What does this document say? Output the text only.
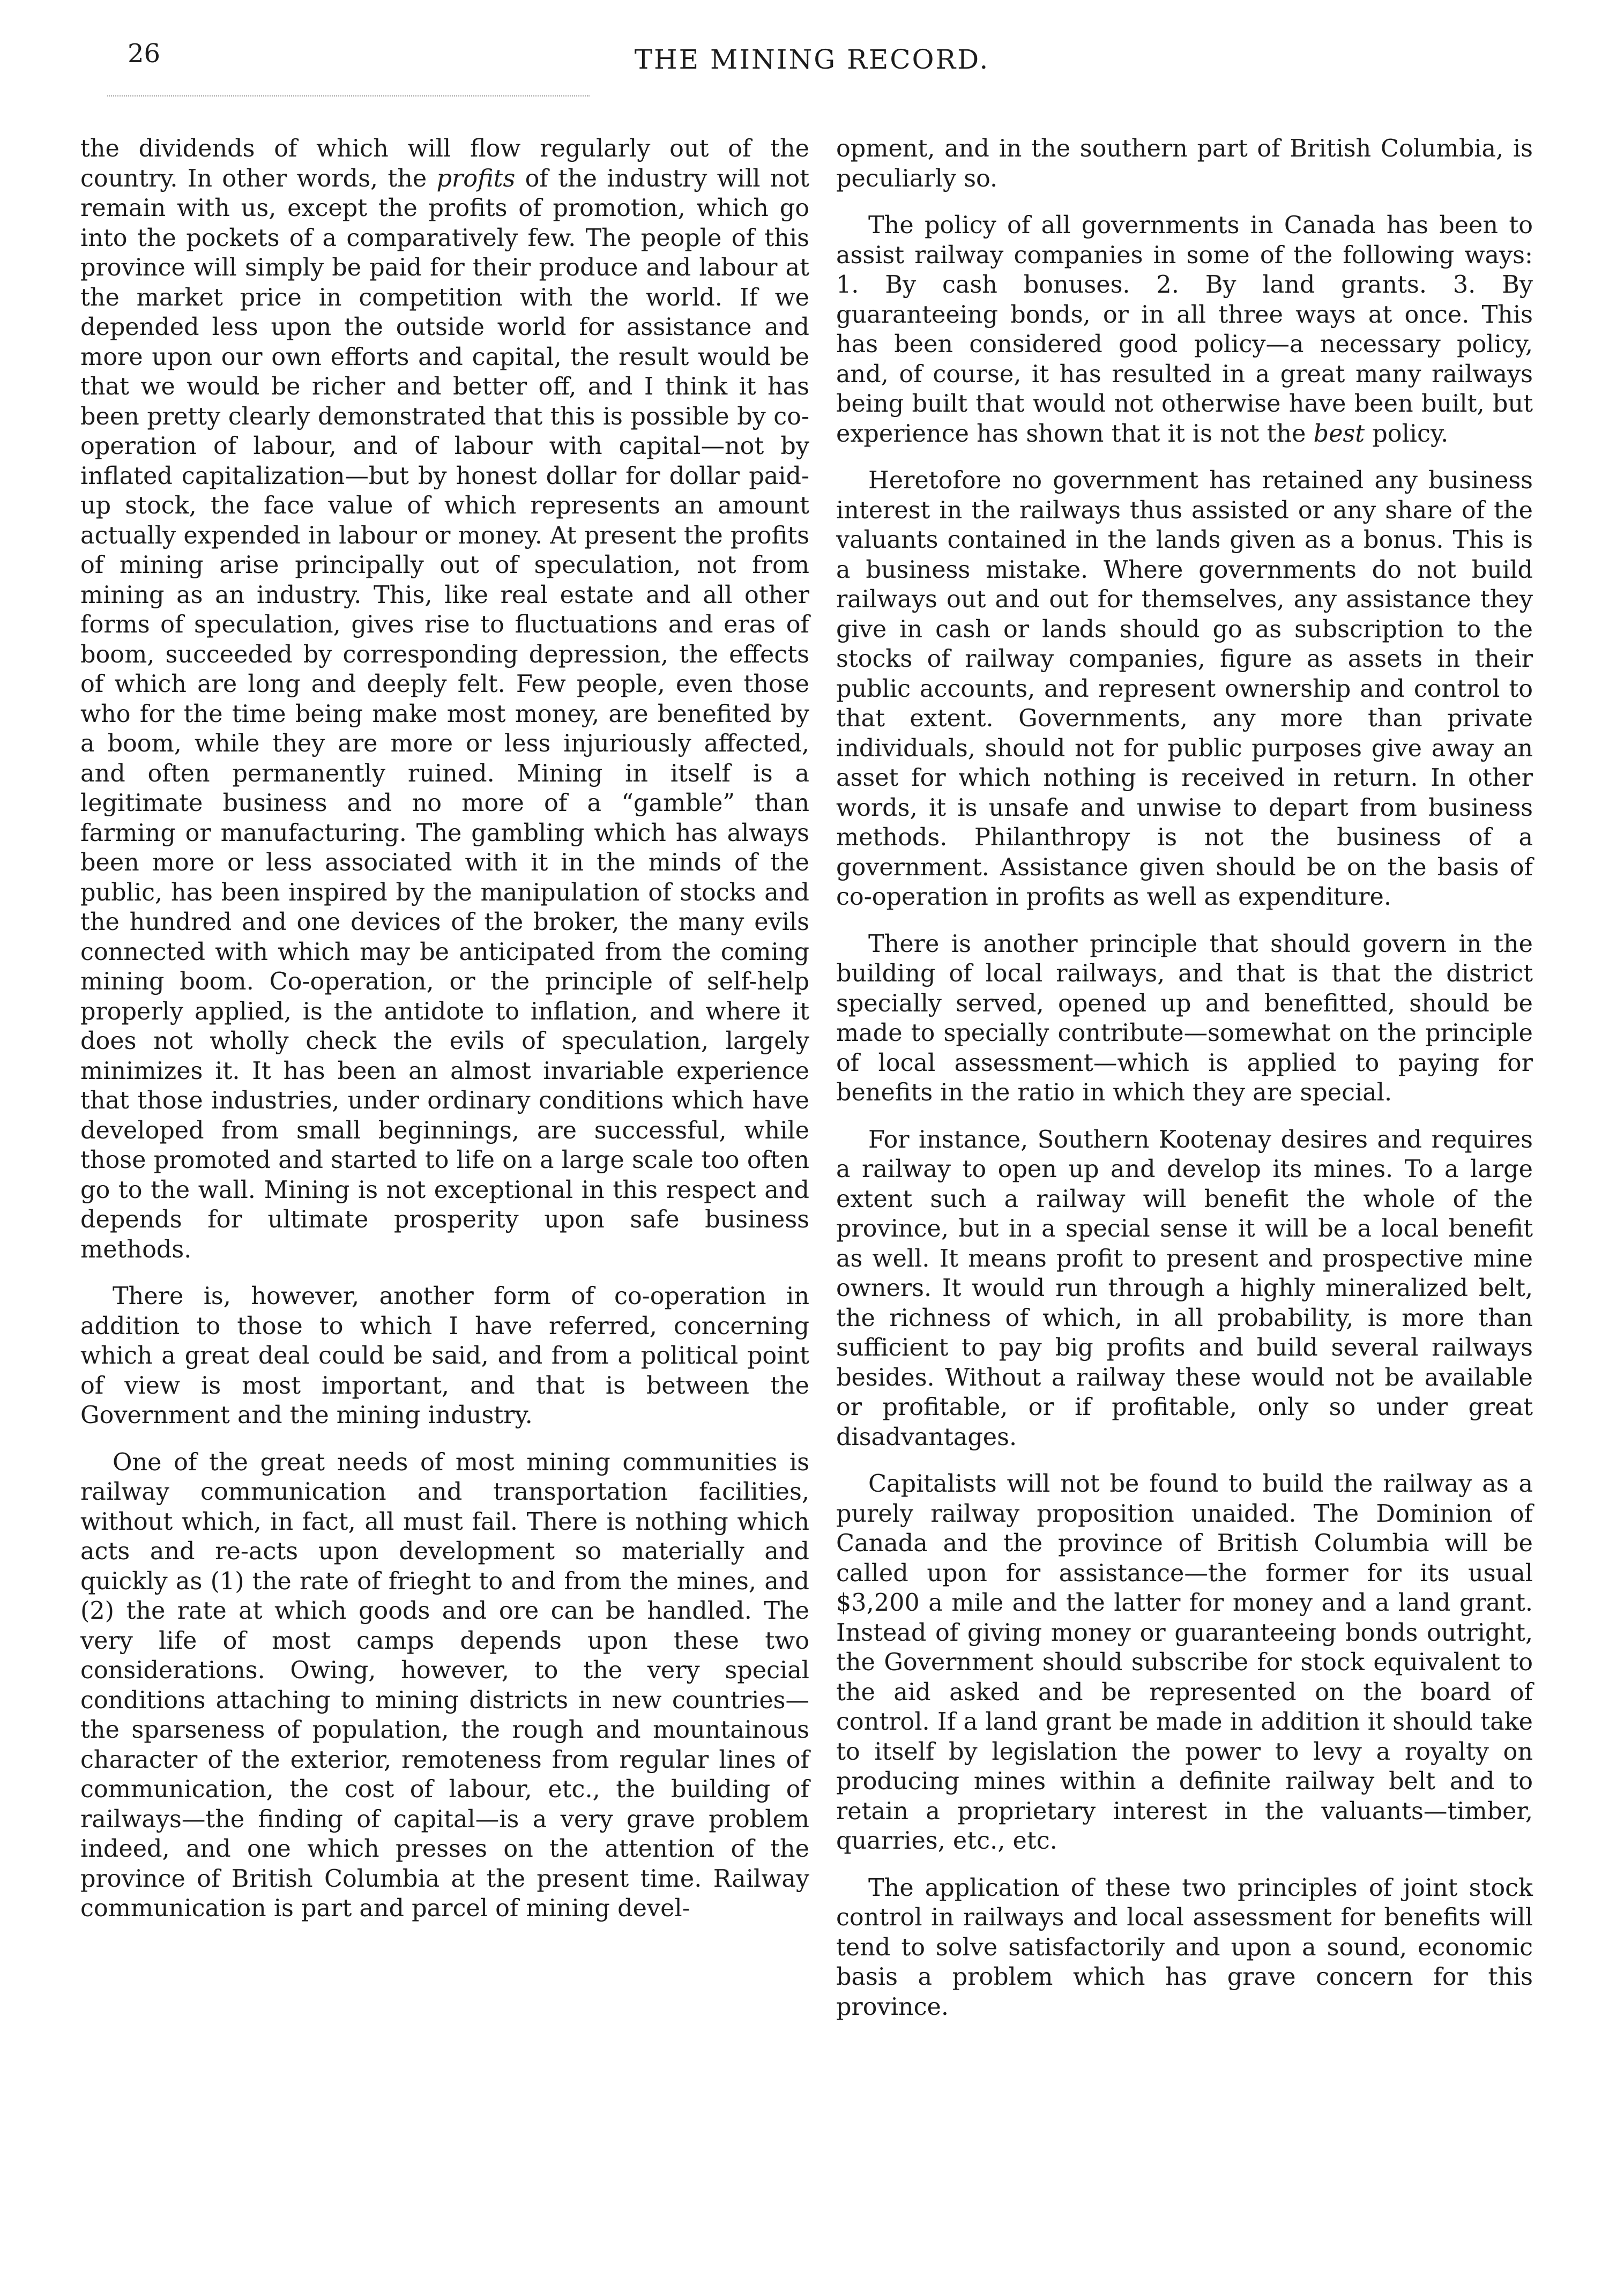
26	THE MINING RECORD.

the dividends of which will flow regularly out of the country. In other words, the profits of the industry will not remain with us, except the profits of promotion, which go into the pockets of a comparatively few. The people of this province will simply be paid for their produce and labour at the market price in competition with the world. If we depended less upon the outside world for assistance and more upon our own efforts and capital, the result would be that we would be richer and better off, and I think it has been pretty clearly demonstrated that this is possible by co-operation of labour, and of labour with capital—not by inflated capitalization—but by honest dollar for dollar paid-up stock, the face value of which represents an amount actually expended in labour or money. At present the profits of mining arise principally out of speculation, not from mining as an industry. This, like real estate and all other forms of speculation, gives rise to fluctuations and eras of boom, succeeded by corresponding depression, the effects of which are long and deeply felt. Few people, even those who for the time being make most money, are benefited by a boom, while they are more or less injuriously affected, and often permanently ruined. Mining in itself is a legitimate business and no more of a “gamble” than farming or manufacturing. The gambling which has always been more or less associated with it in the minds of the public, has been inspired by the manipulation of stocks and the hundred and one devices of the broker, the many evils connected with which may be anticipated from the coming mining boom. Co-operation, or the principle of self-help properly applied, is the antidote to inflation, and where it does not wholly check the evils of speculation, largely minimizes it. It has been an almost invariable experience that those industries, under ordinary conditions which have developed from small beginnings, are successful, while those promoted and started to life on a large scale too often go to the wall. Mining is not exceptional in this respect and depends for ultimate prosperity upon safe business methods.

There is, however, another form of co-operation in addition to those to which I have referred, concerning which a great deal could be said, and from a political point of view is most important, and that is between the Government and the mining industry.

One of the great needs of most mining communities is railway communication and transportation facilities, without which, in fact, all must fail. There is nothing which acts and re-acts upon development so materially and quickly as (1) the rate of frieght to and from the mines, and (2) the rate at which goods and ore can be handled. The very life of most camps depends upon these two considerations. Owing, however, to the very special conditions attaching to mining districts in new countries—the sparseness of population, the rough and mountainous character of the exterior, remoteness from regular lines of communication, the cost of labour, etc., the building of railways—the finding of capital—is a very grave problem indeed, and one which presses on the attention of the province of British Columbia at the present time. Railway communication is part and parcel of mining devel-

opment, and in the southern part of British Columbia, is peculiarly so.

The policy of all governments in Canada has been to assist railway companies in some of the following ways: 1. By cash bonuses. 2. By land grants. 3. By guaranteeing bonds, or in all three ways at once. This has been considered good policy—a necessary policy, and, of course, it has resulted in a great many railways being built that would not otherwise have been built, but experience has shown that it is not the best policy.

Heretofore no government has retained any business interest in the railways thus assisted or any share of the valuants contained in the lands given as a bonus. This is a business mistake. Where governments do not build railways out and out for themselves, any assistance they give in cash or lands should go as subscription to the stocks of railway companies, figure as assets in their public accounts, and represent ownership and control to that extent. Governments, any more than private individuals, should not for public purposes give away an asset for which nothing is received in return. In other words, it is unsafe and unwise to depart from business methods. Philanthropy is not the business of a government. Assistance given should be on the basis of co-operation in profits as well as expenditure.

There is another principle that should govern in the building of local railways, and that is that the district specially served, opened up and benefitted, should be made to specially contribute—somewhat on the principle of local assessment—which is applied to paying for benefits in the ratio in which they are special.

For instance, Southern Kootenay desires and requires a railway to open up and develop its mines. To a large extent such a railway will benefit the whole of the province, but in a special sense it will be a local benefit as well. It means profit to present and prospective mine owners. It would run through a highly mineralized belt, the richness of which, in all probability, is more than sufficient to pay big profits and build several railways besides. Without a railway these would not be available or profitable, or if profitable, only so under great disadvantages.

Capitalists will not be found to build the railway as a purely railway proposition unaided. The Dominion of Canada and the province of British Columbia will be called upon for assistance—the former for its usual $3,200 a mile and the latter for money and a land grant. Instead of giving money or guaranteeing bonds outright, the Government should subscribe for stock equivalent to the aid asked and be represented on the board of control. If a land grant be made in addition it should take to itself by legislation the power to levy a royalty on producing mines within a definite railway belt and to retain a proprietary interest in the valuants—timber, quarries, etc., etc.

The application of these two principles of joint stock control in railways and local assessment for benefits will tend to solve satisfactorily and upon a sound, economic basis a problem which has grave concern for this province.
